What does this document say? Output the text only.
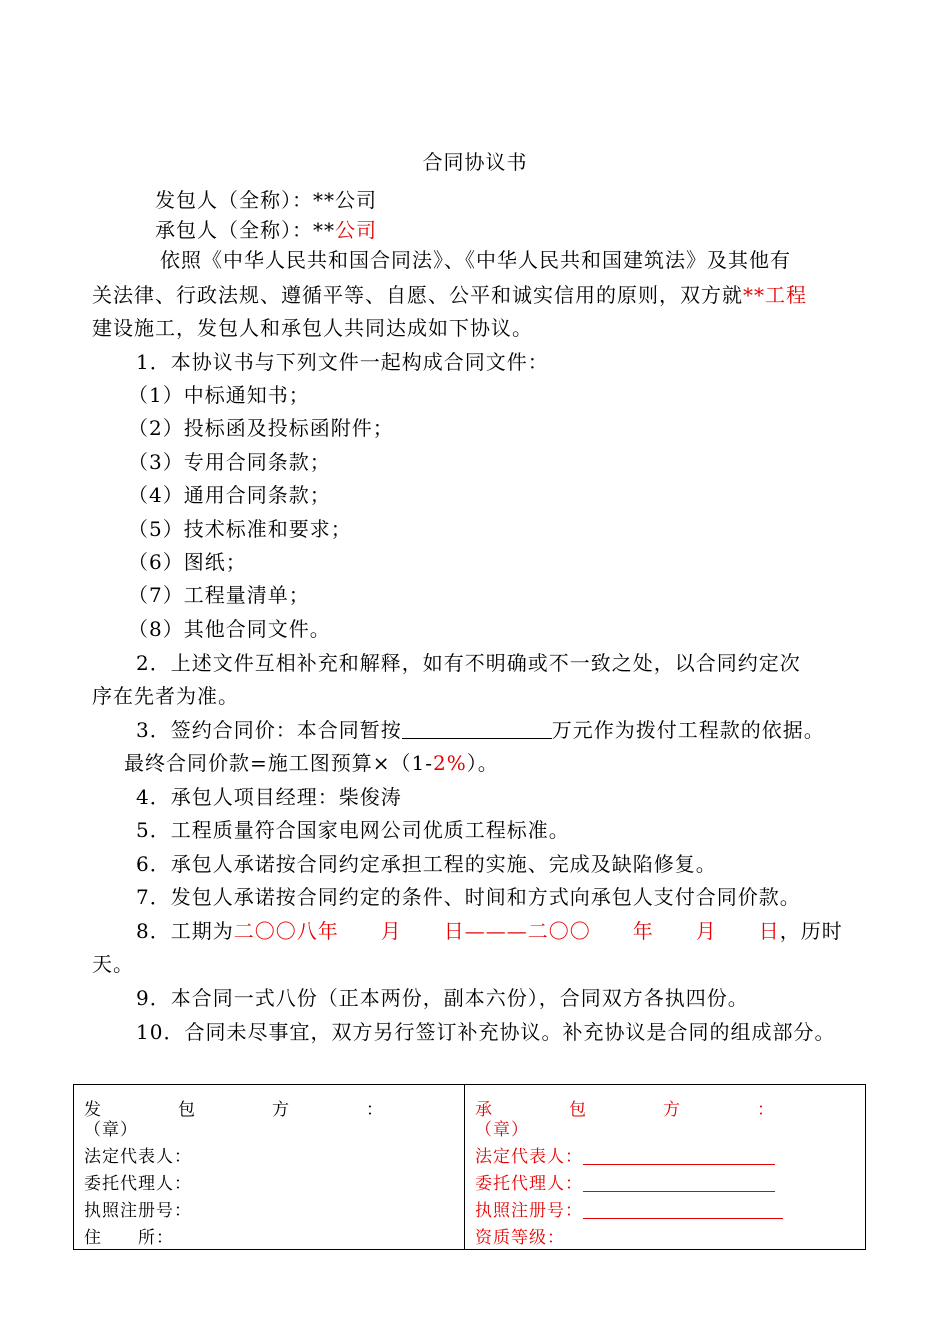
合同协议书
发包人（全称）：**公司
承包人（全称）：**公司
依照《中华人民共和国合同法》、《中华人民共和国建筑法》及其他有
关法律、行政法规、遵循平等、自愿、公平和诚实信用的原则，双方就**工程
建设施工，发包人和承包人共同达成如下协议。
1．本协议书与下列文件一起构成合同文件：
（1）中标通知书；
（2）投标函及投标函附件；
（3）专用合同条款；
（4）通用合同条款；
（5）技术标准和要求；
（6）图纸；
（7）工程量清单；
（8）其他合同文件。
2．上述文件互相补充和解释，如有不明确或不一致之处，以合同约定次
序在先者为准。
3．签约合同价：本合同暂按	万元作为拨付工程款的依据。
最终合同价款=施工图预算×（1-2%）。
4．承包人项目经理：柴俊涛
5．工程质量符合国家电网公司优质工程标准。
6．承包人承诺按合同约定承担工程的实施、完成及缺陷修复。
7．发包人承诺按合同约定的条件、时间和方式向承包人支付合同价款。
8．工期为二〇〇八年　　月　　日———二〇〇　　年　　月　　日，历时
天。
9．本合同一式八份（正本两份，副本六份），合同双方各执四份。
10．合同未尽事宜，双方另行签订补充协议。补充协议是合同的组成部分。
发	包	方	：
（章）
法定代表人：
委托代理人：
执照注册号：
住　　所：
承	包	方	：
（章）
法定代表人：
委托代理人：
执照注册号：
资质等级：
